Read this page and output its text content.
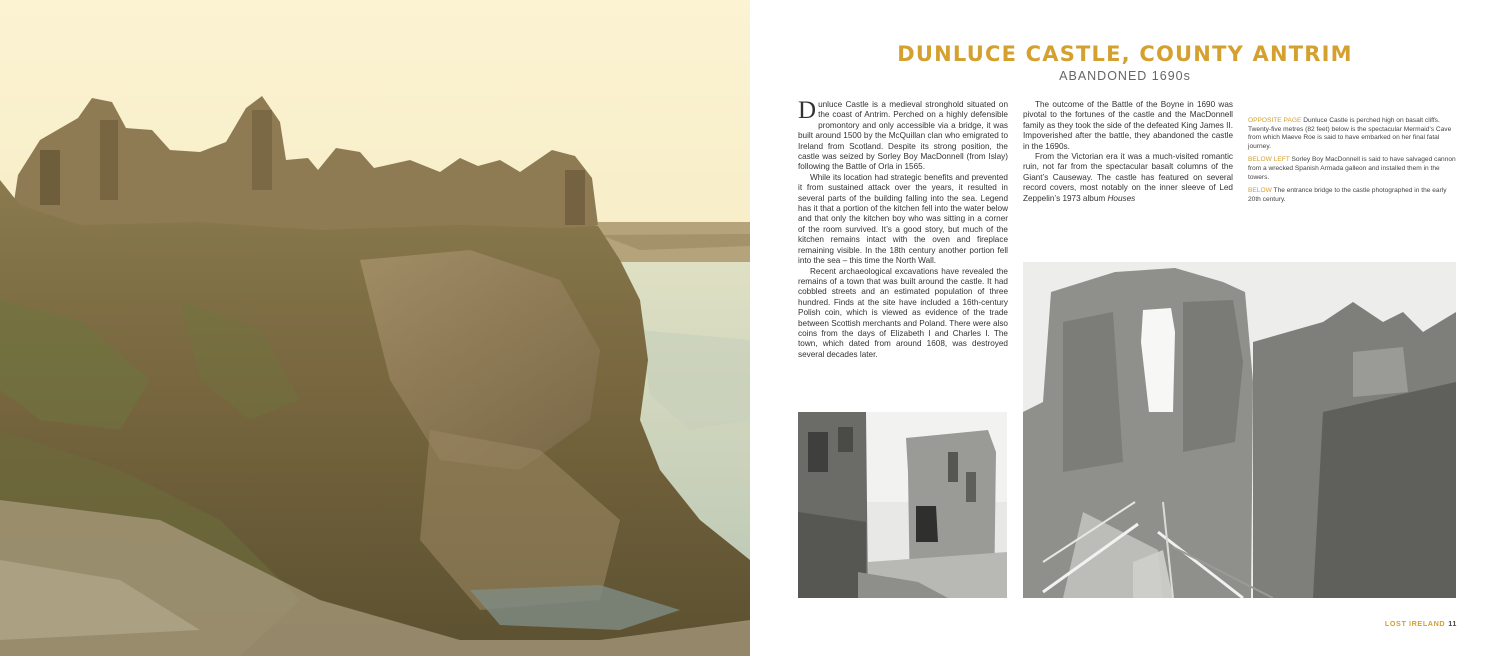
DUNLUCE CASTLE, COUNTY ANTRIM
ABANDONED 1690s

Dunluce Castle is a medieval stronghold situated on the coast of Antrim. Perched on a highly defensible promontory and only accessible via a bridge, it was built around 1500 by the McQuillan clan who emigrated to Ireland from Scotland. Despite its strong position, the castle was seized by Sorley Boy MacDonnell (from Islay) following the Battle of Orla in 1565.

While its location had strategic benefits and prevented it from sustained attack over the years, it resulted in several parts of the building falling into the sea. Legend has it that a portion of the kitchen fell into the water below and that only the kitchen boy who was sitting in a corner of the room survived. It’s a good story, but much of the kitchen remains intact with the oven and fireplace remaining visible. In the 18th century another portion fell into the sea – this time the North Wall.

Recent archaeological excavations have revealed the remains of a town that was built around the castle. It had cobbled streets and an estimated population of three hundred. Finds at the site have included a 16th-century Polish coin, which is viewed as evidence of the trade between Scottish merchants and Poland. There were also coins from the days of Elizabeth I and Charles I. The town, which dated from around 1608, was destroyed several decades later.

The outcome of the Battle of the Boyne in 1690 was pivotal to the fortunes of the castle and the MacDonnell family as they took the side of the defeated King James II. Impoverished after the battle, they abandoned the castle in the 1690s.

From the Victorian era it was a much-visited romantic ruin, not far from the spectacular basalt columns of the Giant’s Causeway. The castle has featured on several record covers, most notably on the inner sleeve of Led Zeppelin’s 1973 album Houses

OPPOSITE PAGE Dunluce Castle is perched high on basalt cliffs. Twenty-five metres (82 feet) below is the spectacular Mermaid’s Cave from which Maeve Roe is said to have embarked on her final fatal journey.

BELOW LEFT Sorley Boy MacDonnell is said to have salvaged cannon from a wrecked Spanish Armada galleon and installed them in the towers.

BELOW The entrance bridge to the castle photographed in the early 20th century.

LOST IRELAND 11
